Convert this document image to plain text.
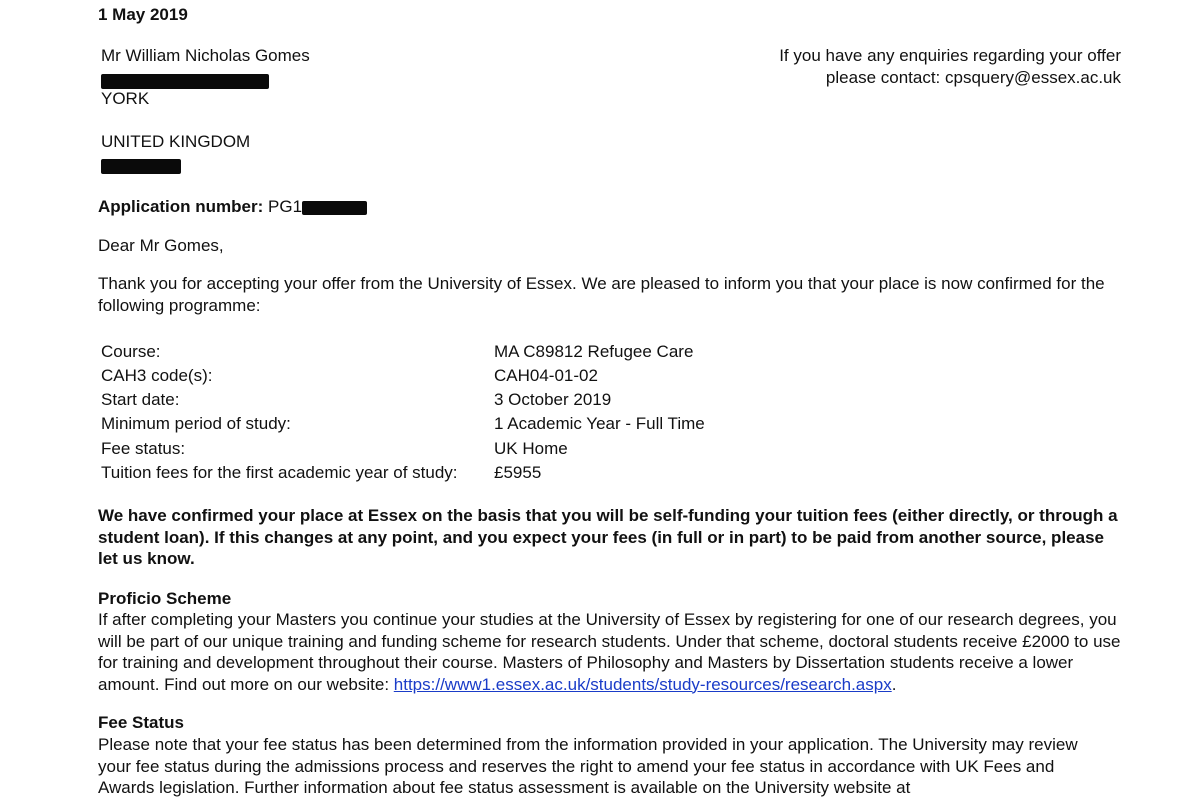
1 May 2019
Mr William Nicholas Gomes
YORK
UNITED KINGDOM
If you have any enquiries regarding your offer
please contact: cpsquery@essex.ac.uk
Application number: PG1
Dear Mr Gomes,
Thank you for accepting your offer from the University of Essex. We are pleased to inform you that your place is now confirmed for the following programme:
Course:	MA C89812 Refugee Care
CAH3 code(s):	CAH04-01-02
Start date:	3 October 2019
Minimum period of study:	1 Academic Year - Full Time
Fee status:	UK Home
Tuition fees for the first academic year of study: £5955
We have confirmed your place at Essex on the basis that you will be self-funding your tuition fees (either directly, or through a student loan). If this changes at any point, and you expect your fees (in full or in part) to be paid from another source, please let us know.
Proficio Scheme
If after completing your Masters you continue your studies at the University of Essex by registering for one of our research degrees, you will be part of our unique training and funding scheme for research students. Under that scheme, doctoral students receive £2000 to use for training and development throughout their course. Masters of Philosophy and Masters by Dissertation students receive a lower amount. Find out more on our website: https://www1.essex.ac.uk/students/study-resources/research.aspx.
Fee Status
Please note that your fee status has been determined from the information provided in your application. The University may review your fee status during the admissions process and reserves the right to amend your fee status in accordance with UK Fees and Awards legislation. Further information about fee status assessment is available on the University website at
